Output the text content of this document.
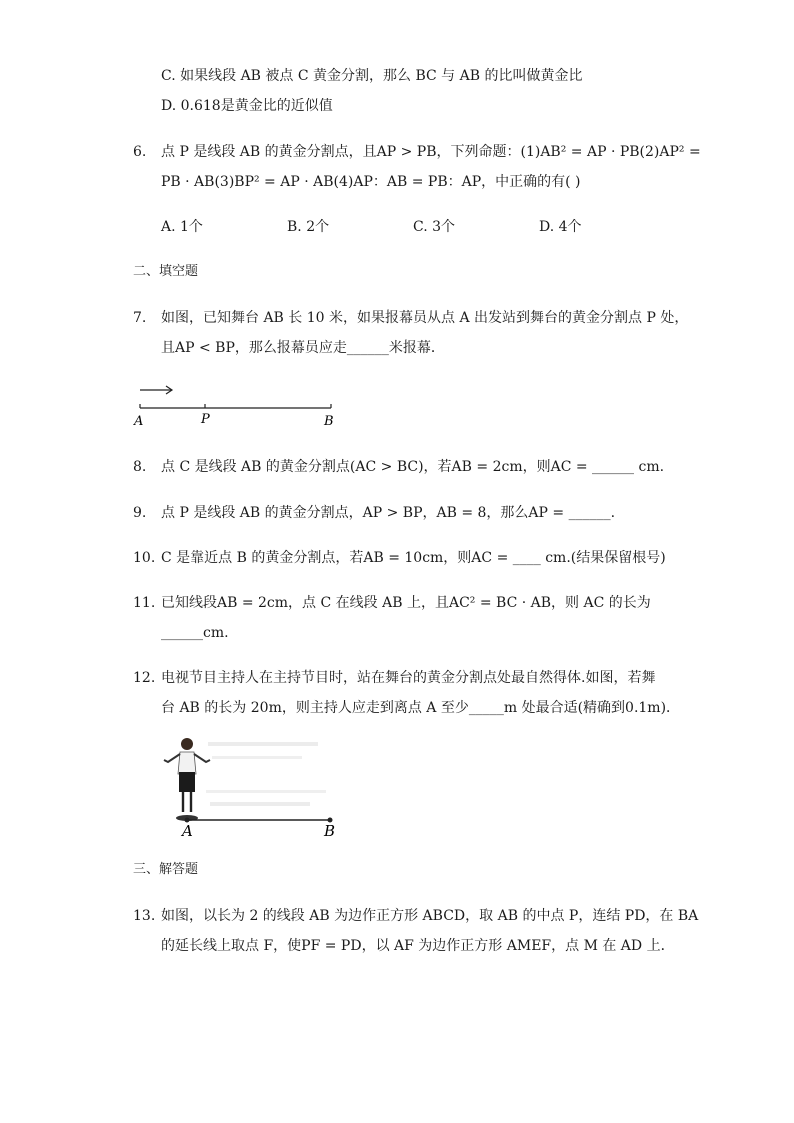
C. 如果线段 AB 被点 C 黄金分割，那么 BC 与 AB 的比叫做黄金比
D. 0.618是黄金比的近似值
6. 点 P 是线段 AB 的黄金分割点，且AP > PB，下列命题：(1)AB² = AP · PB(2)AP² =
PB · AB(3)BP² = AP · AB(4)AP：AB = PB：AP，中正确的有( )
A. 1个	B. 2个	C. 3个	D. 4个
二、填空题
7. 如图，已知舞台 AB 长 10 米，如果报幕员从点 A 出发站到舞台的黄金分割点 P 处，
且AP < BP，那么报幕员应走______米报幕．
A	P	B
8. 点 C 是线段 AB 的黄金分割点(AC > BC)，若AB = 2cm，则AC = ______ cm.
9. 点 P 是线段 AB 的黄金分割点，AP > BP，AB = 8，那么AP = ______.
10. C 是靠近点 B 的黄金分割点，若AB = 10cm，则AC = ____ cm.(结果保留根号)
11. 已知线段AB = 2cm，点 C 在线段 AB 上，且AC² = BC · AB，则 AC 的长为
______cm.
12. 电视节目主持人在主持节目时，站在舞台的黄金分割点处最自然得体.如图，若舞
台 AB 的长为 20m，则主持人应走到离点 A 至少_____m 处最合适(精确到0.1m)．
A	B
三、解答题
13. 如图，以长为 2 的线段 AB 为边作正方形 ABCD，取 AB 的中点 P，连结 PD，在 BA
的延长线上取点 F，使PF = PD，以 AF 为边作正方形 AMEF，点 M 在 AD 上．
